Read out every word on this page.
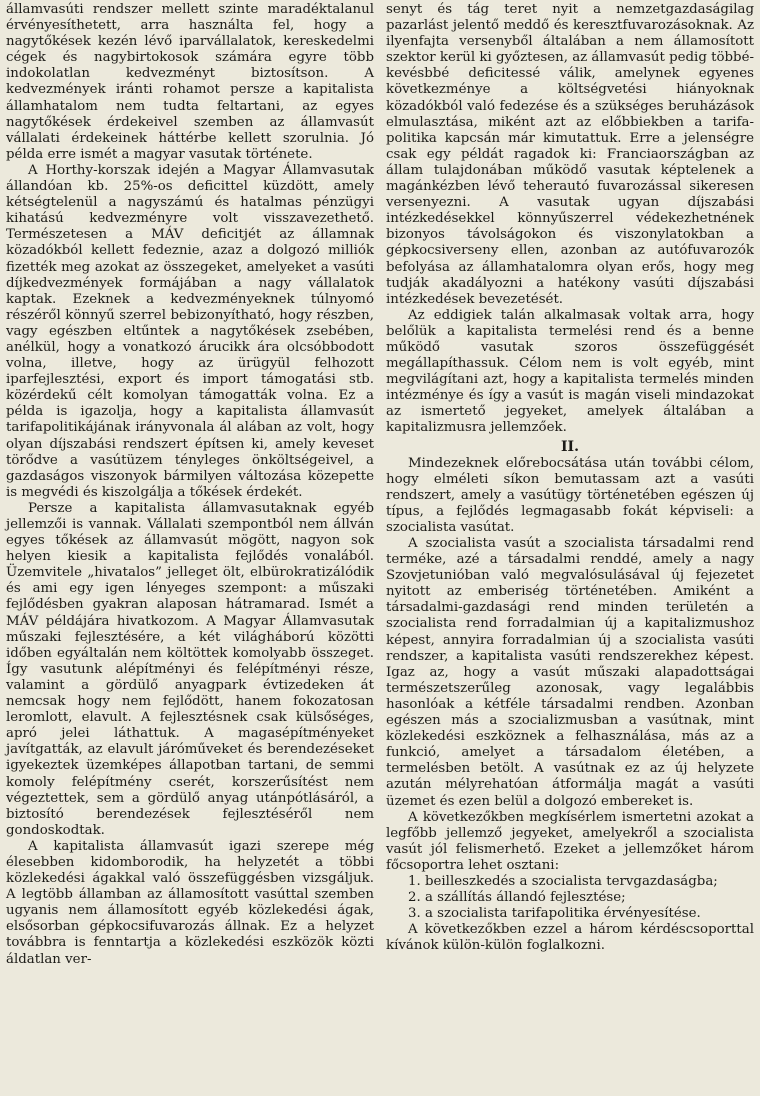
államvasúti rendszer mellett szinte maradéktalanul érvényesíthetett, arra használta fel, hogy a nagytőkések kezén lévő iparvállalatok, kereskedelmi cégek és nagybirtokosok számára egyre több indokolatlan kedvezményt biztosítson. A kedvezmények iránti rohamot persze a kapitalista államhatalom nem tudta feltartani, az egyes nagytőkések érdekeivel szemben az államvasút vállalati érdekeinek háttérbe kellett szorulnia. Jó példa erre ismét a magyar vasutak története.

A Horthy-korszak idején a Magyar Államvasutak állandóan kb. 25%-os deficittel küzdött, amely kétségtelenül a nagyszámú és hatalmas pénzügyi kihatású kedvezményre volt visszavezethető. Természetesen a MÁV deficitjét az államnak közadókból kellett fedeznie, azaz a dolgozó milliók fizették meg azokat az összegeket, amelyeket a vasúti díjkedvezmények formájában a nagy vállalatok kaptak. Ezeknek a kedvezményeknek túlnyomó részéről könnyű szerrel bebizonyítható, hogy részben, vagy egészben eltűntek a nagytőkések zsebében, anélkül, hogy a vonatkozó árucikk ára olcsóbbodott volna, illetve, hogy az ürügyül felhozott iparfejlesztési, export és import támogatási stb. közérdekű célt komolyan támogatták volna. Ez a példa is igazolja, hogy a kapitalista államvasút tarifapolitikájának irányvonala ál alában az volt, hogy olyan díjszabási rendszert építsen ki, amely keveset törődve a vasútüzem tényleges önköltségeivel, a gazdaságos viszonyok bármilyen változása közepette is megvédi és kiszolgálja a tőkések érdekét.

Persze a kapitalista államvasutaknak egyéb jellemzői is vannak. Vállalati szempontból nem állván egyes tőkések az államvasút mögött, nagyon sok helyen kiesik a kapitalista fejlődés vonalából. Üzemvitele „hivatalos” jelleget ölt, elbürokratizálódik és ami egy igen lényeges szempont: a műszaki fejlődésben gyakran alaposan hátramarad. Ismét a MÁV példájára hivatkozom. A Magyar Államvasutak műszaki fejlesztésére, a két világháború közötti időben egyáltalán nem költöttek komolyabb összeget. Így vasutunk alépítményi és felépítményi része, valamint a gördülő anyagpark évtizedeken át nemcsak hogy nem fejlődött, hanem fokozatosan leromlott, elavult. A fejlesztésnek csak külsőséges, apró jelei láthattuk. A magasépítményeket javítgatták, az elavult járóműveket és berendezéseket igyekeztek üzemképes állapotban tartani, de semmi komoly felépítmény cserét, korszerűsítést nem végeztettek, sem a gördülő anyag utánpótlásáról, a biztosító berendezések fejlesztéséről nem gondoskodtak.

A kapitalista államvasút igazi szerepe még élesebben kidomborodik, ha helyzetét a többi közlekedési ágakkal való összefüggésben vizsgáljuk. A legtöbb államban az államosított vasúttal szemben ugyanis nem államosított egyéb közlekedési ágak, elsősorban gépkocsifuvarozás állnak. Ez a helyzet továbbra is fenntartja a közlekedési eszközök közti áldatlan ver-

senyt és tág teret nyit a nemzetgazdaságilag pazarlást jelentő meddő és keresztfuvarozásoknak. Az ilyenfajta versenyből általában a nem államosított szektor kerül ki győztesen, az államvasút pedig többé-kevésbbé deficitessé válik, amelynek egyenes következménye a költségvetési hiányoknak közadókból való fedezése és a szükséges beruházások elmulasztása, miként azt az előbbiekben a tarifa-politika kapcsán már kimutattuk. Erre a jelenségre csak egy példát ragadok ki: Franciaországban az állam tulajdonában működő vasutak képtelenek a magánkézben lévő teherautó fuvarozással sikeresen versenyezni. A vasutak ugyan díjszabási intézkedésekkel könnyűszerrel védekezhetnének bizonyos távolságokon és viszonylatokban a gépkocsiverseny ellen, azonban az autófuvarozók befolyása az államhatalomra olyan erős, hogy meg tudják akadályozni a hatékony vasúti díjszabási intézkedések bevezetését.

Az eddigiek talán alkalmasak voltak arra, hogy belőlük a kapitalista termelési rend és a benne működő vasutak szoros összefüggését megállapíthassuk. Célom nem is volt egyéb, mint megvilágítani azt, hogy a kapitalista termelés minden intézménye és így a vasút is magán viseli mindazokat az ismertető jegyeket, amelyek általában a kapitalizmusra jellemzőek.

II.

Mindezeknek előrebocsátása után további célom, hogy elméleti síkon bemutassam azt a vasúti rendszert, amely a vasútügy történetében egészen új típus, a fejlődés legmagasabb fokát képviseli: a szocialista vasútat.

A szocialista vasút a szocialista társadalmi rend terméke, azé a társadalmi renddé, amely a nagy Szovjetunióban való megvalósulásával új fejezetet nyitott az emberiség történetében. Amiként a társadalmi-gazdasági rend minden területén a szocialista rend forradalmian új a kapitalizmushoz képest, annyira forradalmian új a szocialista vasúti rendszer, a kapitalista vasúti rendszerekhez képest. Igaz az, hogy a vasút műszaki alapadottságai természetszerűleg azonosak, vagy legalábbis hasonlóak a kétféle társadalmi rendben. Azonban egészen más a szocializmusban a vasútnak, mint közlekedési eszköznek a felhasználása, más az a funkció, amelyet a társadalom életében, a termelésben betölt. A vasútnak ez az új helyzete azután mélyrehatóan átformálja magát a vasúti üzemet és ezen belül a dolgozó embereket is.

A következőkben megkísérlem ismertetni azokat a legfőbb jellemző jegyeket, amelyekről a szocialista vasút jól felismerhető. Ezeket a jellemzőket három főcsoportra lehet osztani:

1. beilleszkedés a szocialista tervgazdaságba;

2. a szállítás állandó fejlesztése;

3. a szocialista tarifapolitika érvényesítése.

A következőkben ezzel a három kérdéscsoporttal kívánok külön-külön foglalkozni.
